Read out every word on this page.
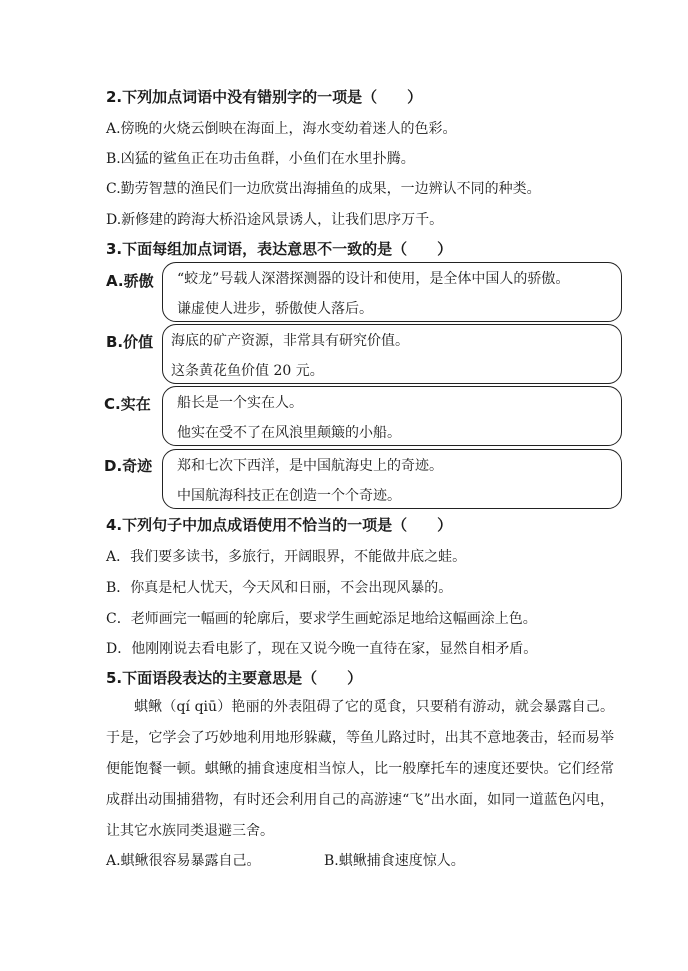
2.下列加点词语中没有错别字的一项是（　　）
A.傍晚的火烧云倒映在海面上，海水变幼着迷人的色彩。
B.凶猛的鲨鱼正在功击鱼群，小鱼们在水里扑腾。
C.勤劳智慧的渔民们一边欣赏出海捕鱼的成果，一边辨认不同的种类。
D.新修建的跨海大桥沿途风景诱人，让我们思序万千。
3.下面每组加点词语，表达意思不一致的是（　　）
A.骄傲 “蛟龙”号载人深潜探测器的设计和使用，是全体中国人的骄傲。
谦虚使人进步，骄傲使人落后。
B.价值 海底的矿产资源，非常具有研究价值。
这条黄花鱼价值 20 元。
C.实在 船长是一个实在人。
他实在受不了在风浪里颠簸的小船。
D.奇迹 郑和七次下西洋，是中国航海史上的奇迹。
中国航海科技正在创造一个个奇迹。
4.下列句子中加点成语使用不恰当的一项是（　　）
A．我们要多读书，多旅行，开阔眼界，不能做井底之蛙。
B．你真是杞人忧天，今天风和日丽，不会出现风暴的。
C．老师画完一幅画的轮廓后，要求学生画蛇添足地给这幅画涂上色。
D．他刚刚说去看电影了，现在又说今晚一直待在家，显然自相矛盾。
5.下面语段表达的主要意思是（　　）

蜞鳅（qí qiū）艳丽的外表阻碍了它的觅食，只要稍有游动，就会暴露自己。于是，它学会了巧妙地利用地形躲藏，等鱼儿路过时，出其不意地袭击，轻而易举便能饱餐一顿。蜞鳅的捕食速度相当惊人，比一般摩托车的速度还要快。它们经常成群出动围捕猎物，有时还会利用自己的高游速“飞”出水面，如同一道蓝色闪电，让其它水族同类退避三舍。

A.蜞鳅很容易暴露自己。	B.蜞鳅捕食速度惊人。
